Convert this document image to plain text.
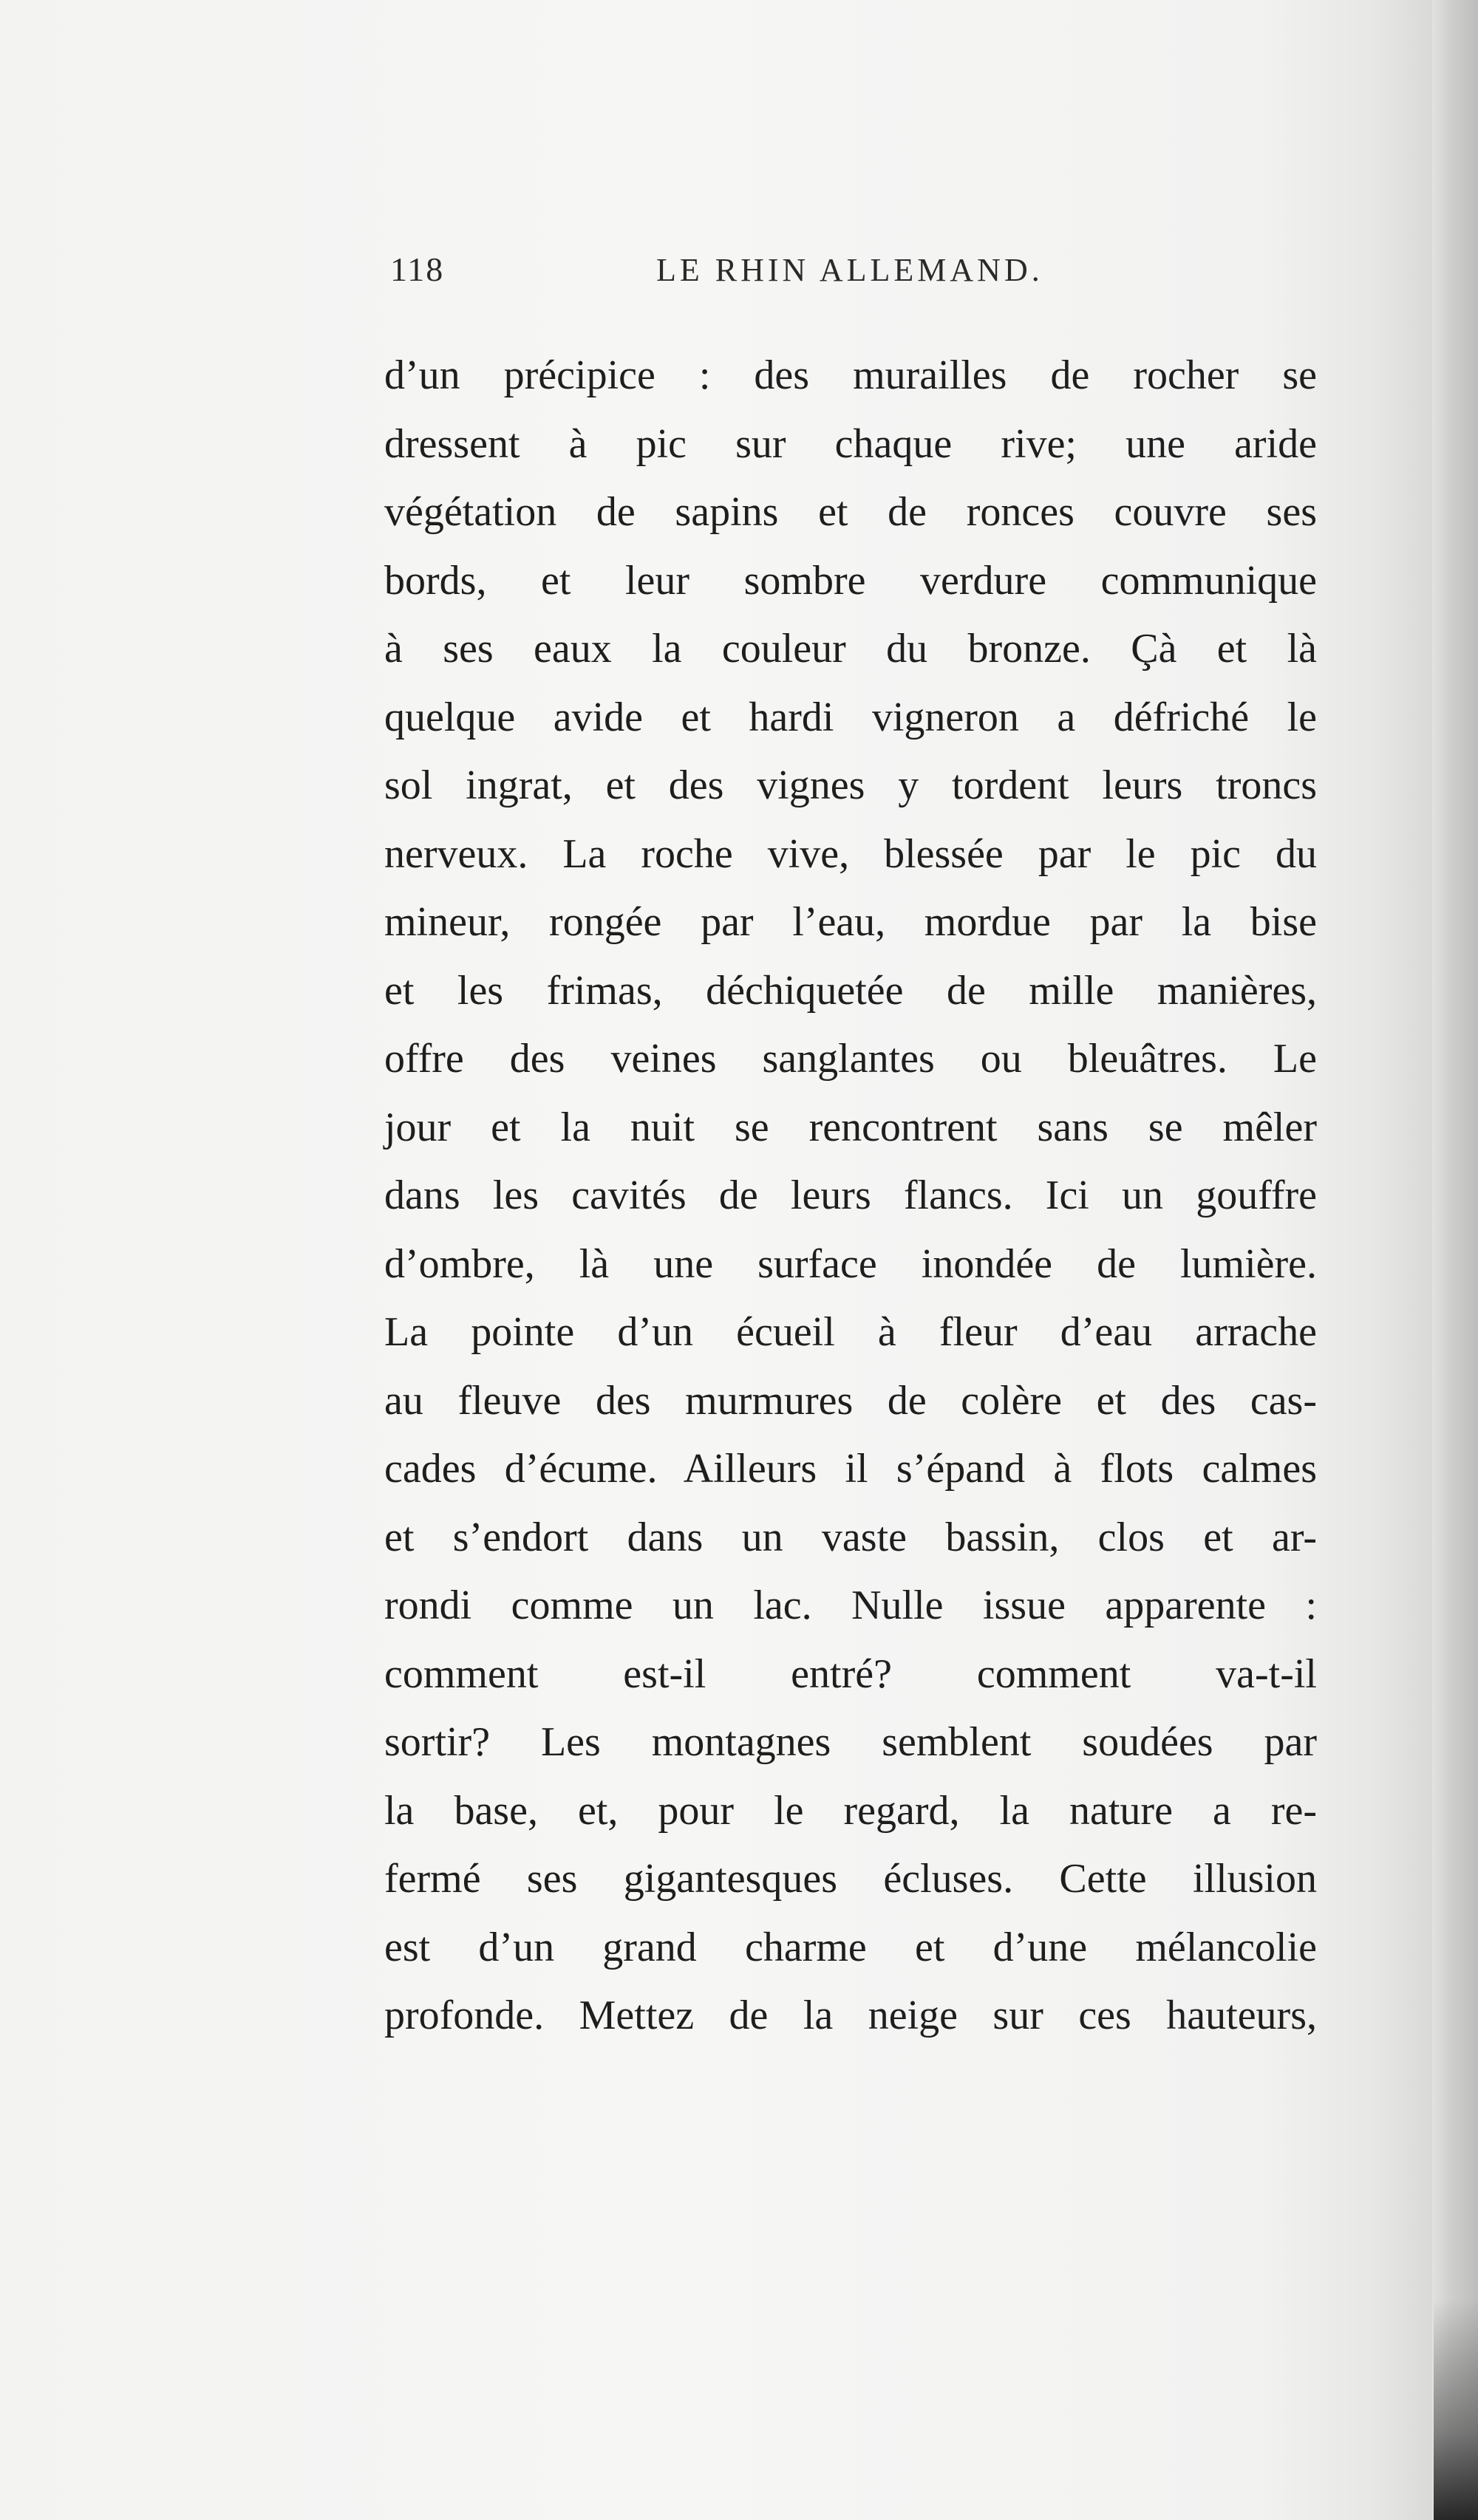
118	LE RHIN ALLEMAND.
d’un précipice : des murailles de rocher se
dressent à pic sur chaque rive; une aride
végétation de sapins et de ronces couvre ses
bords, et leur sombre verdure communique
à ses eaux la couleur du bronze. Çà et là
quelque avide et hardi vigneron a défriché le
sol ingrat, et des vignes y tordent leurs troncs
nerveux. La roche vive, blessée par le pic du
mineur, rongée par l’eau, mordue par la bise
et les frimas, déchiquetée de mille manières,
offre des veines sanglantes ou bleuâtres. Le
jour et la nuit se rencontrent sans se mêler
dans les cavités de leurs flancs. Ici un gouffre
d’ombre, là une surface inondée de lumière.
La pointe d’un écueil à fleur d’eau arrache
au fleuve des murmures de colère et des cas-
cades d’écume. Ailleurs il s’épand à flots calmes
et s’endort dans un vaste bassin, clos et ar-
rondi comme un lac. Nulle issue apparente :
comment est-il entré? comment va-t-il
sortir? Les montagnes semblent soudées par
la base, et, pour le regard, la nature a re-
fermé ses gigantesques écluses. Cette illusion
est d’un grand charme et d’une mélancolie
profonde. Mettez de la neige sur ces hauteurs,
